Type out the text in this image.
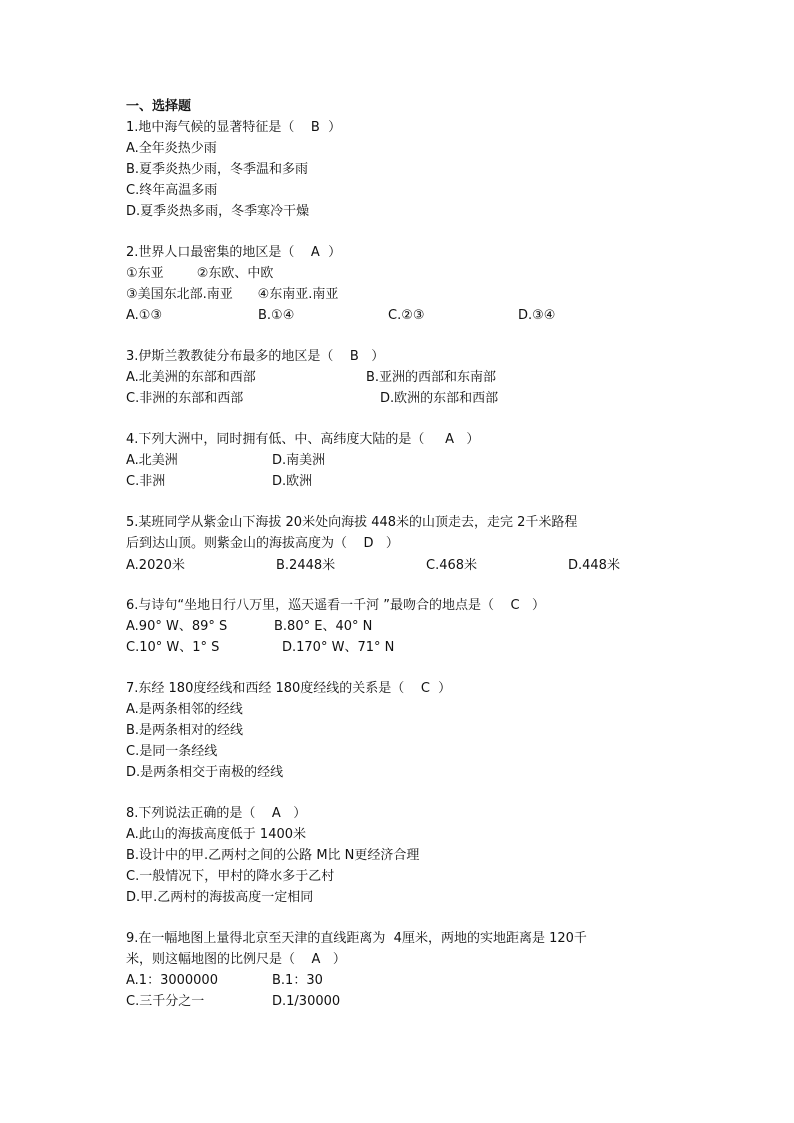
一、选择题
1.地中海气候的显著特征是（    B  ）
A.全年炎热少雨
B.夏季炎热少雨，冬季温和多雨
C.终年高温多雨
D.夏季炎热多雨，冬季寒冷干燥
2.世界人口最密集的地区是（    A  ）
①东亚        ②东欧、中欧
③美国东北部.南亚      ④东南亚.南亚
A.①③	B.①④	C.②③	D.③④
3.伊斯兰教教徒分布最多的地区是（    B   ）
A.北美洲的东部和西部	B.亚洲的西部和东南部
C.非洲的东部和西部	D.欧洲的东部和西部
4.下列大洲中，同时拥有低、中、高纬度大陆的是（     A   ）
A.北美洲	D.南美洲
C.非洲	D.欧洲
5.某班同学从紫金山下海拔 20米处向海拔 448米的山顶走去，走完 2千米路程
后到达山顶。则紫金山的海拔高度为（    D   ）
A.2020米	B.2448米	C.468米	D.448米
6.与诗句“坐地日行八万里，巡天遥看一千河 ”最吻合的地点是（    C   ）
A.90° W、89° S	B.80° E、40° N
C.10° W、1° S	D.170° W、71° N
7.东经 180度经线和西经 180度经线的关系是（    C  ）
A.是两条相邻的经线
B.是两条相对的经线
C.是同一条经线
D.是两条相交于南极的经线
8.下列说法正确的是（    A   ）
A.此山的海拔高度低于 1400米
B.设计中的甲.乙两村之间的公路 M比 N更经济合理
C.一般情况下，甲村的降水多于乙村
D.甲.乙两村的海拔高度一定相同
9.在一幅地图上量得北京至天津的直线距离为  4厘米，两地的实地距离是 120千
米，则这幅地图的比例尺是（    A   ）
A.1：3000000	B.1：30
C.三千分之一	D.1/30000
